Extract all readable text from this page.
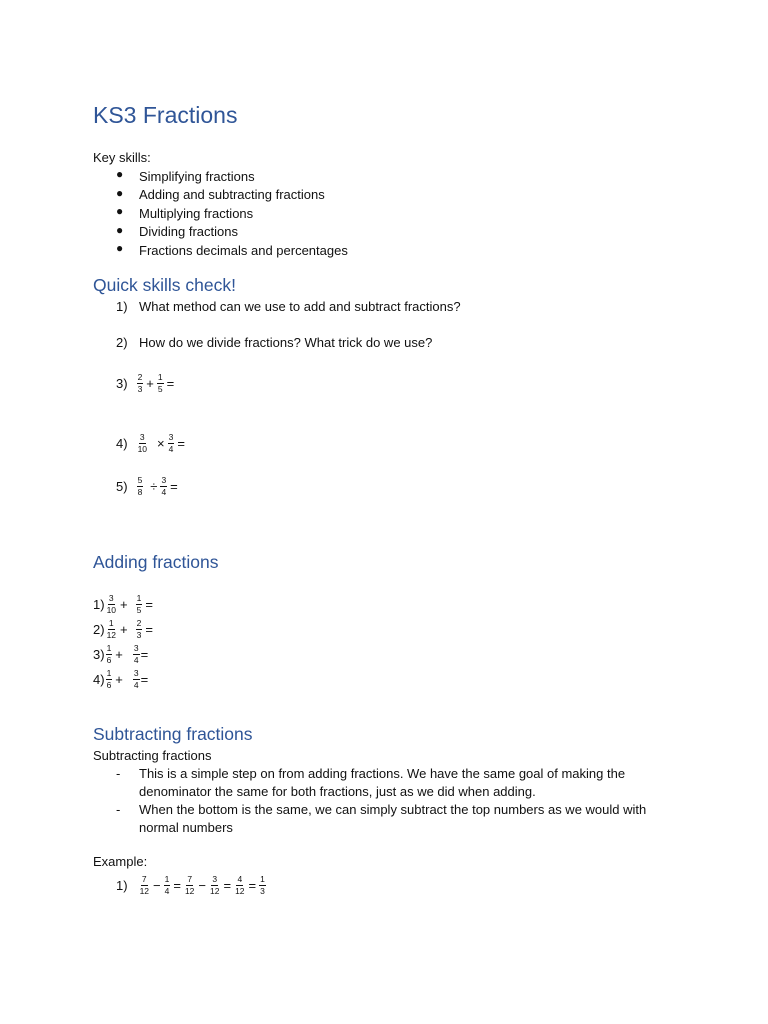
KS3 Fractions
Key skills:
● Simplifying fractions
● Adding and subtracting fractions
● Multiplying fractions
● Dividing fractions
● Fractions decimals and percentages
Quick skills check!
1) What method can we use to add and subtract fractions?
2) How do we divide fractions? What trick do we use?
$3) \frac{2}{3} + \frac{1}{5}$ =
$4) \frac{3}{10} \times \frac{3}{4}$ =
$5) \frac{5}{8} \div \frac{3}{4}$ =
Adding fractions
$1) \frac{3}{10} + \frac{1}{5}$ =
$2) \frac{1}{12} + \frac{2}{3}$ =
$3) \frac{1}{6} + \frac{3}{4}$ =
$4) \frac{1}{6} + \frac{3}{4}$ =
Subtracting fractions
Subtracting fractions
- This is a simple step on from adding fractions. We have the same goal of making the denominator the same for both fractions, just as we did when adding.
- When the bottom is the same, we can simply subtract the top numbers as we would with normal numbers
Example:
$1) \frac{7}{12} - \frac{1}{4} = \frac{7}{12} - \frac{3}{12} = \frac{4}{12} = \frac{1}{3}$
